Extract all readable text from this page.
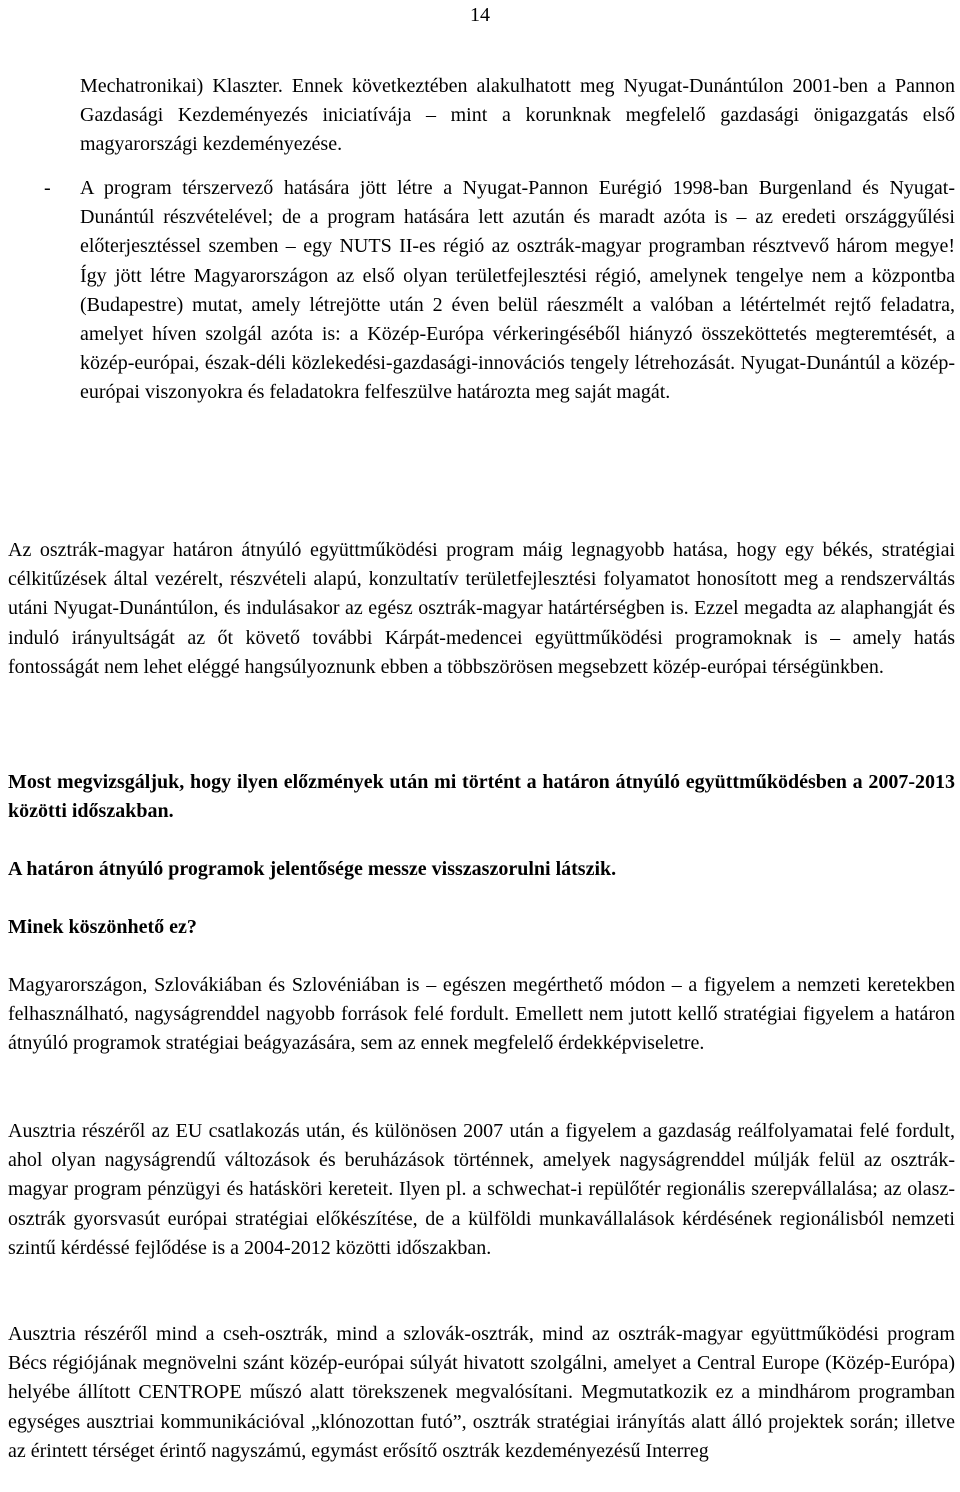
14

Mechatronikai) Klaszter. Ennek következtében alakulhatott meg Nyugat-Dunántúlon 2001-ben a Pannon Gazdasági Kezdeményezés iniciatívája – mint a korunknak megfelelő gazdasági önigazgatás első magyarországi kezdeményezése.

-	A program térszervező hatására jött létre a Nyugat-Pannon Eurégió 1998-ban Burgenland és Nyugat-Dunántúl részvételével; de a program hatására lett azután és maradt azóta is – az eredeti országgyűlési előterjesztéssel szemben – egy NUTS II-es régió az osztrák-magyar programban résztvevő három megye! Így jött létre Magyarországon az első olyan területfejlesztési régió, amelynek tengelye nem a központba (Budapestre) mutat, amely létrejötte után 2 éven belül ráeszmélt a valóban a létértelmét rejtő feladatra, amelyet híven szolgál azóta is: a Közép-Európa vérkeringéséből hiányzó összeköttetés megteremtését, a közép-európai, észak-déli közlekedési-gazdasági-innovációs tengely létrehozását. Nyugat-Dunántúl a közép-európai viszonyokra és feladatokra felfeszülve határozta meg saját magát.

Az osztrák-magyar határon átnyúló együttműködési program máig legnagyobb hatása, hogy egy békés, stratégiai célkitűzések által vezérelt, részvételi alapú, konzultatív területfejlesztési folyamatot honosított meg a rendszerváltás utáni Nyugat-Dunántúlon, és indulásakor az egész osztrák-magyar határtérségben is. Ezzel megadta az alaphangját és induló irányultságát az őt követő további Kárpát-medencei együttműködési programoknak is – amely hatás fontosságát nem lehet eléggé hangsúlyoznunk ebben a többszörösen megsebzett közép-európai térségünkben.

Most megvizsgáljuk, hogy ilyen előzmények után mi történt a határon átnyúló együttműködésben a 2007-2013 közötti időszakban.

A határon átnyúló programok jelentősége messze visszaszorulni látszik.

Minek köszönhető ez?

Magyarországon, Szlovákiában és Szlovéniában is – egészen megérthető módon – a figyelem a nemzeti keretekben felhasználható, nagyságrenddel nagyobb források felé fordult. Emellett nem jutott kellő stratégiai figyelem a határon átnyúló programok stratégiai beágyazására, sem az ennek megfelelő érdekképviseletre.

Ausztria részéről az EU csatlakozás után, és különösen 2007 után a figyelem a gazdaság reálfolyamatai felé fordult, ahol olyan nagyságrendű változások és beruházások történnek, amelyek nagyságrenddel múlják felül az osztrák-magyar program pénzügyi és hatásköri kereteit. Ilyen pl. a schwechat-i repülőtér regionális szerepvállalása; az olasz-osztrák gyorsvasút európai stratégiai előkészítése, de a külföldi munkavállalások kérdésének regionálisból nemzeti szintű kérdéssé fejlődése is a 2004-2012 közötti időszakban.

Ausztria részéről mind a cseh-osztrák, mind a szlovák-osztrák, mind az osztrák-magyar együttműködési program Bécs régiójának megnövelni szánt közép-európai súlyát hivatott szolgálni, amelyet a Central Europe (Közép-Európa) helyébe állított CENTROPE műszó alatt törekszenek megvalósítani. Megmutatkozik ez a mindhárom programban egységes ausztriai kommunikációval „klónozottan futó”, osztrák stratégiai irányítás alatt álló projektek során; illetve az érintett térséget érintő nagyszámú, egymást erősítő osztrák kezdeményezésű Interreg
